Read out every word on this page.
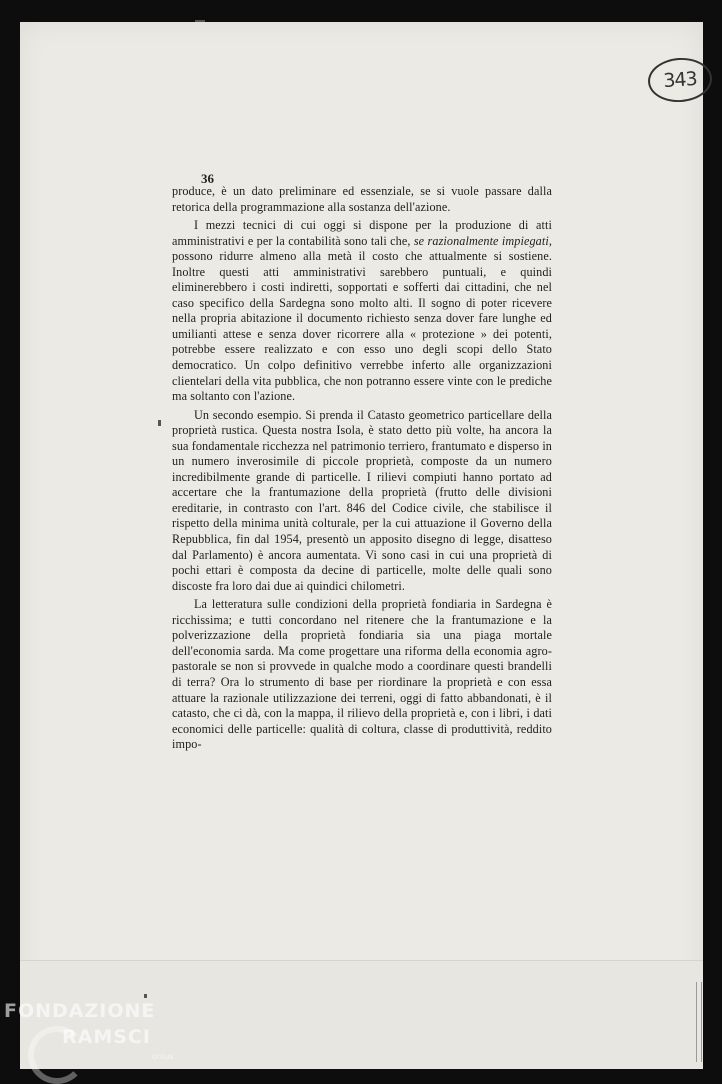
343
36

produce, è un dato preliminare ed essenziale, se si vuole passare dalla retorica della programmazione alla sostanza dell'azione.

I mezzi tecnici di cui oggi si dispone per la produzione di atti amministrativi e per la contabilità sono tali che, se razionalmente impiegati, possono ridurre almeno alla metà il costo che attualmente si sostiene. Inoltre questi atti amministrativi sarebbero puntuali, e quindi eliminerebbero i costi indiretti, sopportati e sofferti dai cittadini, che nel caso specifico della Sardegna sono molto alti. Il sogno di poter ricevere nella propria abitazione il documento richiesto senza dover fare lunghe ed umilianti attese e senza dover ricorrere alla « protezione » dei potenti, potrebbe essere realizzato e con esso uno degli scopi dello Stato democratico. Un colpo definitivo verrebbe inferto alle organizzazioni clientelari della vita pubblica, che non potranno essere vinte con le prediche ma soltanto con l'azione.

Un secondo esempio. Si prenda il Catasto geometrico particellare della proprietà rustica. Questa nostra Isola, è stato detto più volte, ha ancora la sua fondamentale ricchezza nel patrimonio terriero, frantumato e disperso in un numero inverosimile di piccole proprietà, composte da un numero incredibilmente grande di particelle. I rilievi compiuti hanno portato ad accertare che la frantumazione della proprietà (frutto delle divisioni ereditarie, in contrasto con l'art. 846 del Codice civile, che stabilisce il rispetto della minima unità colturale, per la cui attuazione il Governo della Repubblica, fin dal 1954, presentò un apposito disegno di legge, disatteso dal Parlamento) è ancora aumentata. Vi sono casi in cui una proprietà di pochi ettari è composta da decine di particelle, molte delle quali sono discoste fra loro dai due ai quindici chilometri.

La letteratura sulle condizioni della proprietà fondiaria in Sardegna è ricchissima; e tutti concordano nel ritenere che la frantumazione e la polverizzazione della proprietà fondiaria sia una piaga mortale dell'economia sarda. Ma come progettare una riforma della economia agro-pastorale se non si provvede in qualche modo a coordinare questi brandelli di terra? Ora lo strumento di base per riordinare la proprietà e con essa attuare la razionale utilizzazione dei terreni, oggi di fatto abbandonati, è il catasto, che ci dà, con la mappa, il rilievo della proprietà e, con i libri, i dati economici delle particelle: qualità di coltura, classe di produttività, reddito impo-

FONDAZIONE
RAMSCI
onlus
